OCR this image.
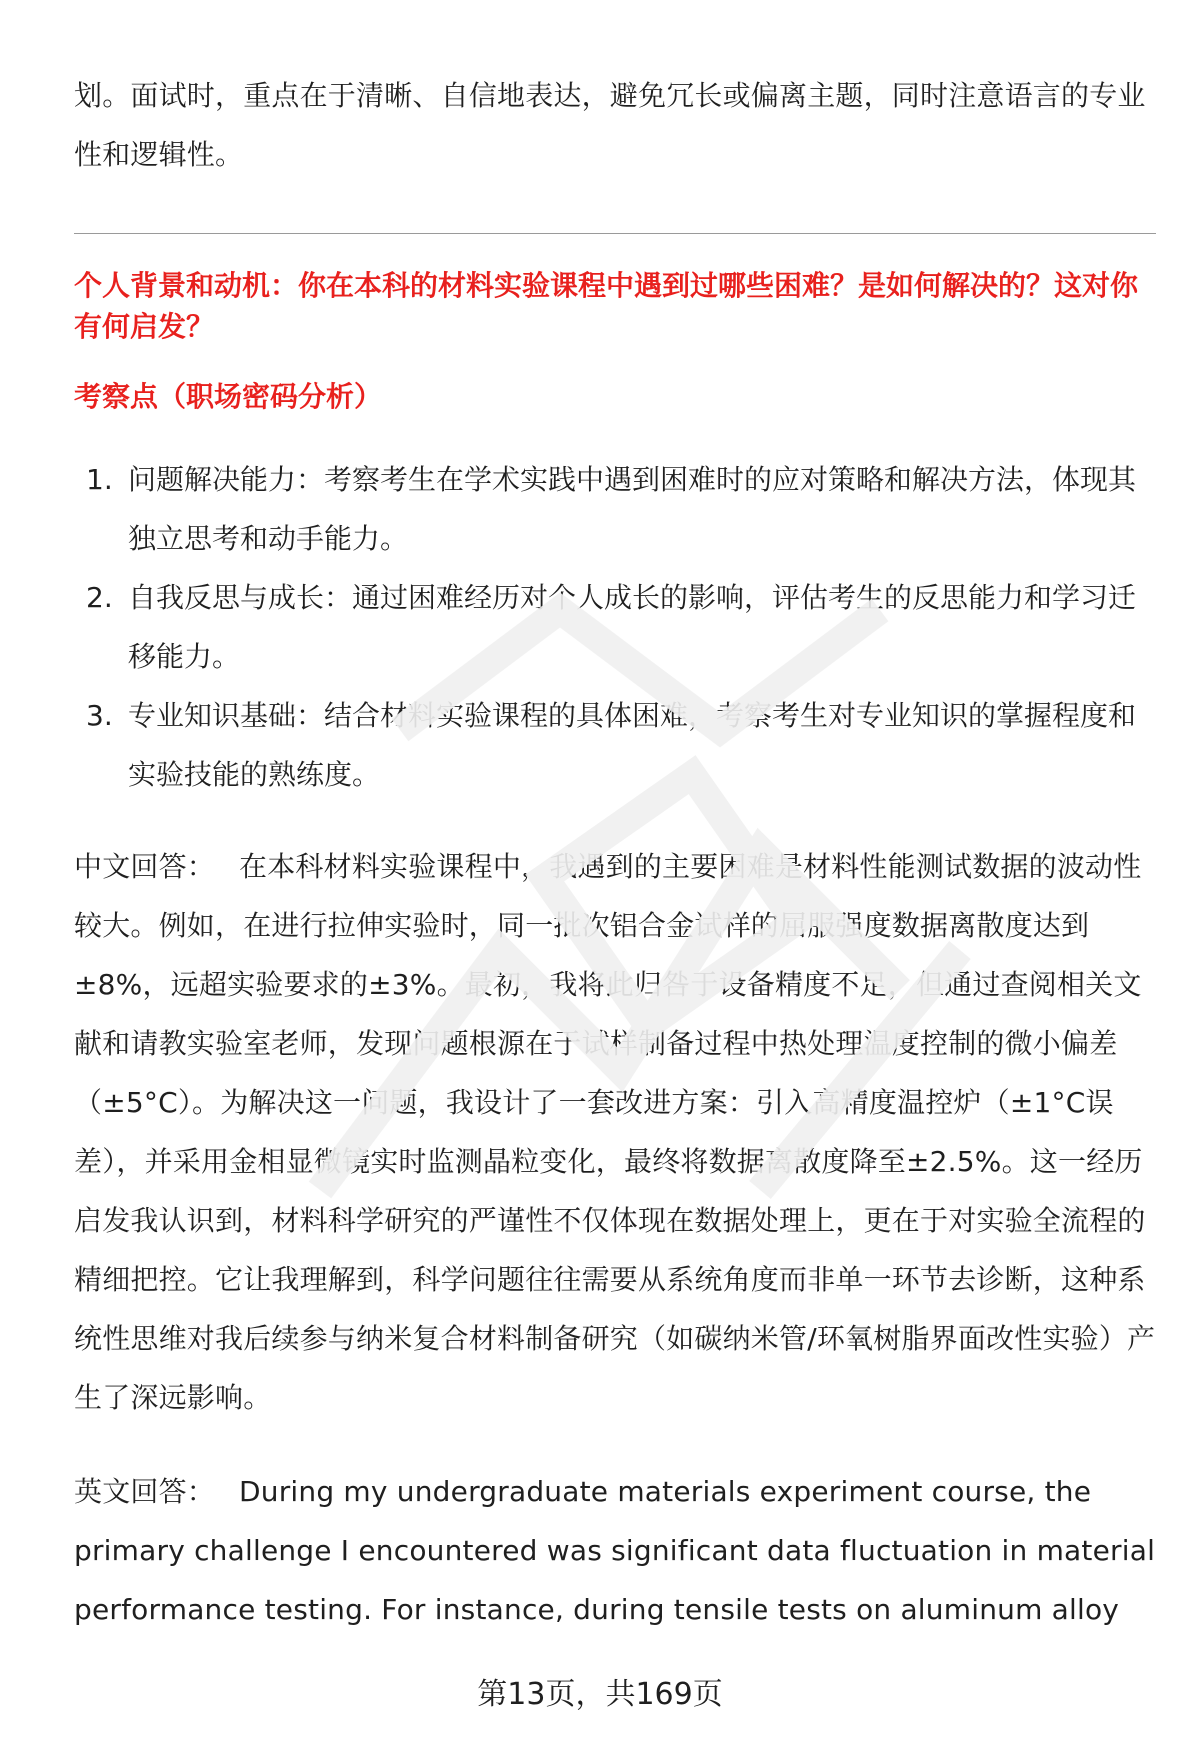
划。面试时，重点在于清晰、自信地表达，避免冗长或偏离主题，同时注意语言的专业性和逻辑性。

个人背景和动机：你在本科的材料实验课程中遇到过哪些困难？是如何解决的？这对你有何启发？

考察点（职场密码分析）

1. 问题解决能力：考察考生在学术实践中遇到困难时的应对策略和解决方法，体现其独立思考和动手能力。
2. 自我反思与成长：通过困难经历对个人成长的影响，评估考生的反思能力和学习迁移能力。
3. 专业知识基础：结合材料实验课程的具体困难，考察考生对专业知识的掌握程度和实验技能的熟练度。

中文回答： 在本科材料实验课程中，我遇到的主要困难是材料性能测试数据的波动性较大。例如，在进行拉伸实验时，同一批次铝合金试样的屈服强度数据离散度达到±8%，远超实验要求的±3%。最初，我将此归咎于设备精度不足，但通过查阅相关文献和请教实验室老师，发现问题根源在于试样制备过程中热处理温度控制的微小偏差（±5°C）。为解决这一问题，我设计了一套改进方案：引入高精度温控炉（±1°C误差），并采用金相显微镜实时监测晶粒变化，最终将数据离散度降至±2.5%。这一经历启发我认识到，材料科学研究的严谨性不仅体现在数据处理上，更在于对实验全流程的精细把控。它让我理解到，科学问题往往需要从系统角度而非单一环节去诊断，这种系统性思维对我后续参与纳米复合材料制备研究（如碳纳米管/环氧树脂界面改性实验）产生了深远影响。

英文回答： During my undergraduate materials experiment course, the primary challenge I encountered was significant data fluctuation in material performance testing. For instance, during tensile tests on aluminum alloy

第13页，共169页
